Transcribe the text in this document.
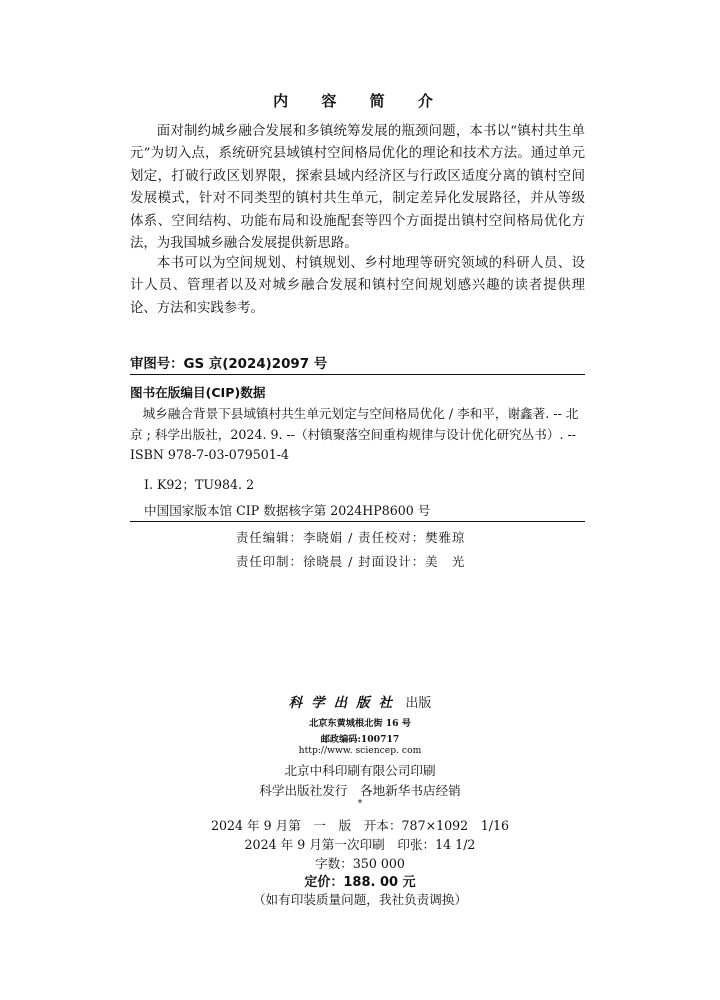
内 容 简 介

面对制约城乡融合发展和多镇统筹发展的瓶颈问题，本书以“镇村共生单元”为切入点，系统研究县域镇村空间格局优化的理论和技术方法。通过单元划定，打破行政区划界限，探索县域内经济区与行政区适度分离的镇村空间发展模式，针对不同类型的镇村共生单元，制定差异化发展路径，并从等级体系、空间结构、功能布局和设施配套等四个方面提出镇村空间格局优化方法，为我国城乡融合发展提供新思路。

本书可以为空间规划、村镇规划、乡村地理等研究领域的科研人员、设计人员、管理者以及对城乡融合发展和镇村空间规划感兴趣的读者提供理论、方法和实践参考。

审图号：GS 京(2024)2097 号
图书在版编目(CIP)数据

城乡融合背景下县域镇村共生单元划定与空间格局优化 / 李和平，谢鑫著. -- 北京 ; 科学出版社，2024. 9. --（村镇聚落空间重构规律与设计优化研究丛书）. --ISBN 978-7-03-079501-4

Ⅰ. K92；TU984. 2
中国国家版本馆 CIP 数据核字第 2024HP8600 号
责任编辑：李晓娟 / 责任校对：樊雅琼
责任印制：徐晓晨 / 封面设计：美　光
科学出版社 出版
北京东黄城根北街 16 号
邮政编码:100717
http://www. sciencep. com
北京中科印刷有限公司印刷
科学出版社发行　各地新华书店经销
*
2024 年 9 月第　一　版　开本：787×1092　1/16
2024 年 9 月第一次印刷　印张：14 1/2
字数：350 000
定价：188. 00 元
（如有印装质量问题，我社负责调换）
